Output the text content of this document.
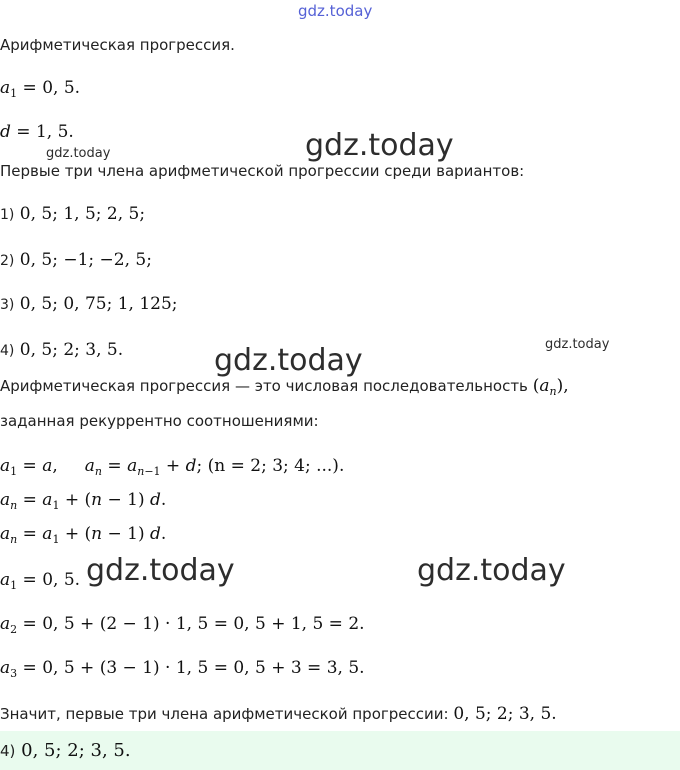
gdz.today
gdz.today	gdz.today
gdz.today
gdz.today
gdz.today	gdz.today
Арифметическая прогрессия.
$a_1 = 0$, 5.
d = 1, 5.
Первые три члена арифметической прогрессии среди вариантов:
1) 0, 5; 1, 5; 2, 5;
2) 0, 5; −1; −2, 5;
3) 0, 5; 0, 75; 1, 125;
4) 0, 5; 2; 3, 5.
Арифметическая прогрессия — это числовая последовательность $(a_n)$,
заданная рекуррентно соотношениями:
$a_1 = a$,     $a_n = a_{n-1} + d$; (n = 2; 3; 4; ...).
$a_n = a_1 + (n - 1)$ d.
$a_n = a_1 + (n - 1)$ d.
$a_1 = 0$, 5.
$a_2 = 0$, 5 + (2 − 1) · 1, 5 = 0, 5 + 1, 5 = 2.
$a_3 = 0$, 5 + (3 − 1) · 1, 5 = 0, 5 + 3 = 3, 5.
Значит, первые три члена арифметической прогрессии: 0, 5; 2; 3, 5.
4) 0, 5; 2; 3, 5.
